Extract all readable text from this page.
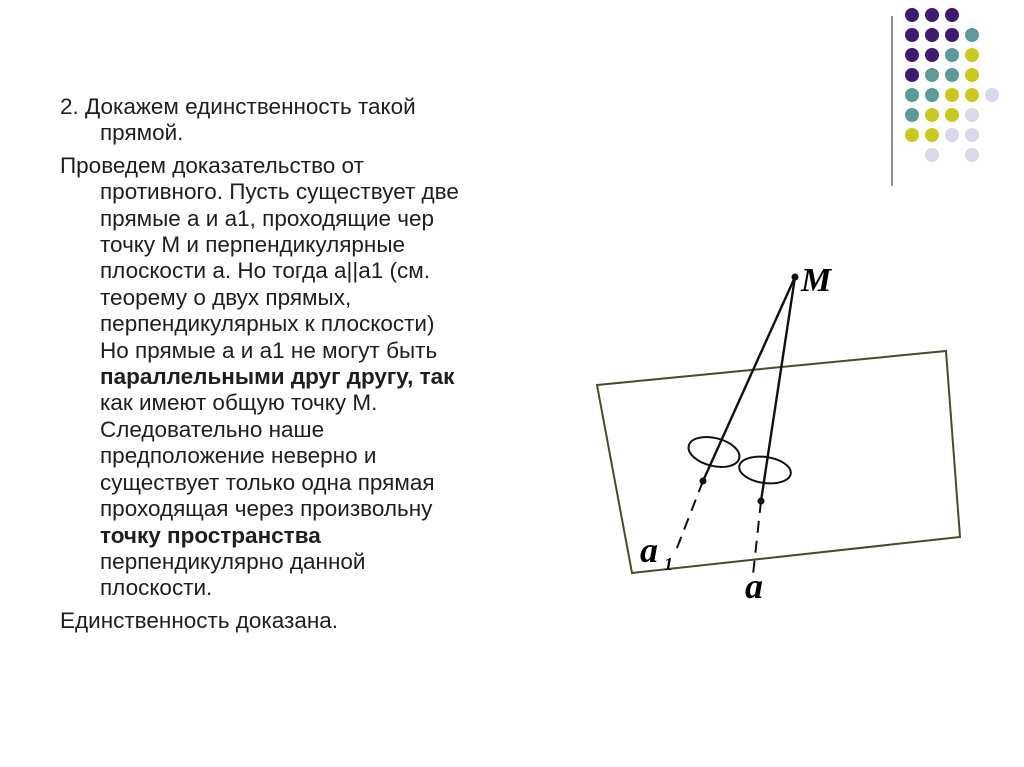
2. Докажем единственность такой
прямой.
Проведем доказательство от
противного. Пусть существует две
прямые а и а1, проходящие чер
точку М и перпендикулярные
плоскости а. Но тогда а||а1 (см.
теорему о двух прямых,
перпендикулярных к плоскости)
Но прямые а и а1 не могут быть
параллельными друг другу, так
как имеют общую точку М.
Следовательно наше
предположение неверно и
существует только одна прямая
проходящая через произвольну
точку пространства
перпендикулярно данной
плоскости.
Единственность доказана.
M
a 1
a
